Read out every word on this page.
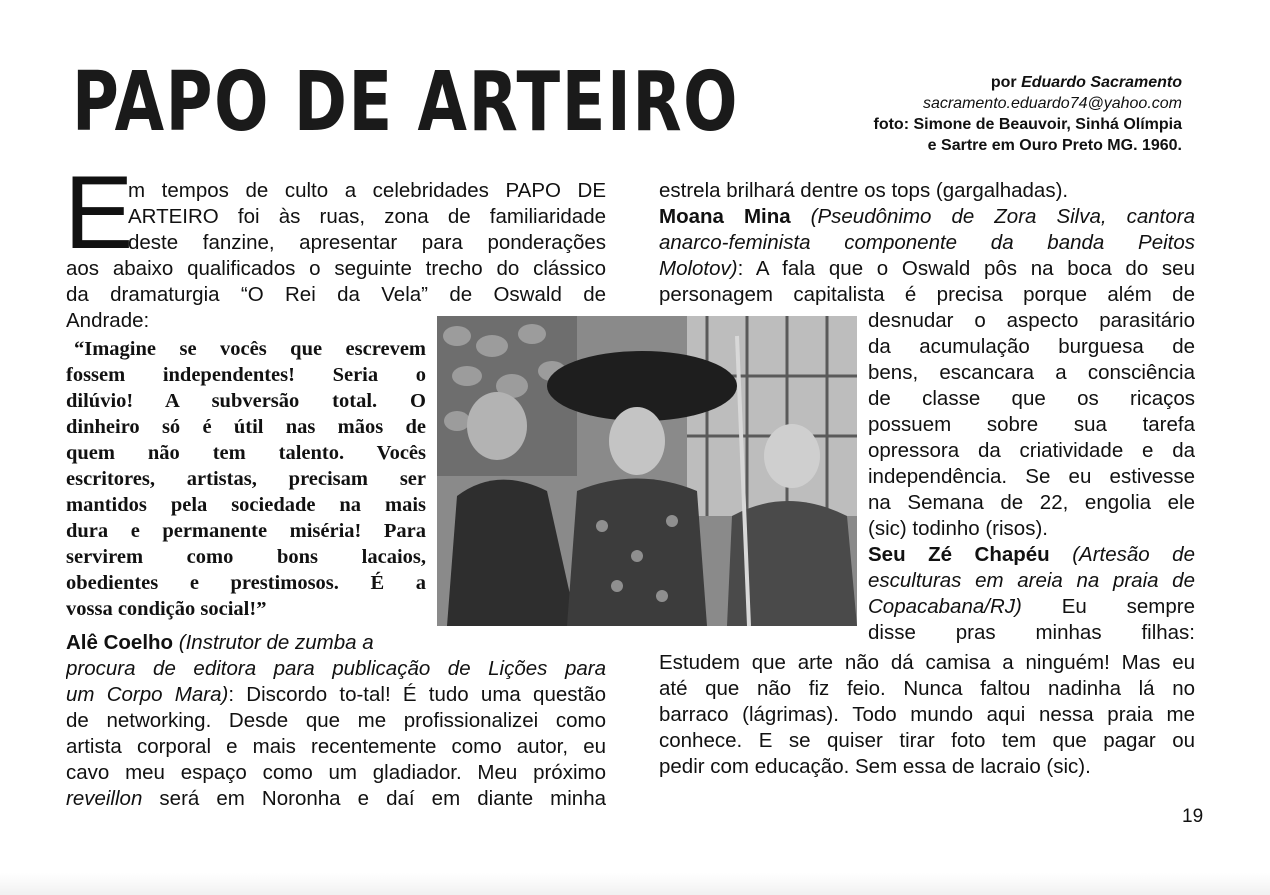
PAPO DE ARTEIRO	por Eduardo Sacramento
sacramento.eduardo74@yahoo.com
foto: Simone de Beauvoir, Sinhá Olímpia
e Sartre em Ouro Preto MG. 1960.
E
m tempos de culto a celebridades PAPO DE
ARTEIRO foi às ruas, zona de familiaridade
deste fanzine, apresentar para ponderações
aos abaixo qualificados o seguinte trecho do clássico
da dramaturgia “O Rei da Vela” de Oswald de
Andrade:
“Imagine se vocês que escrevem
fossem independentes! Seria o
dilúvio! A subversão total. O
dinheiro só é útil nas mãos de
quem não tem talento. Vocês
escritores, artistas, precisam ser
mantidos pela sociedade na mais
dura e permanente miséria! Para
servirem como bons lacaios,
obedientes e prestimosos. É a
vossa condição social!”
Alê Coelho (Instrutor de zumba a
procura de editora para publicação de Lições para
um Corpo Mara): Discordo to-tal! É tudo uma questão
de networking. Desde que me profissionalizei como
artista corporal e mais recentemente como autor, eu
cavo meu espaço como um gladiador. Meu próximo
reveillon será em Noronha e daí em diante minha
estrela brilhará dentre os tops (gargalhadas).
Moana Mina (Pseudônimo de Zora Silva, cantora
anarco-feminista componente da banda Peitos
Molotov): A fala que o Oswald pôs na boca do seu
personagem capitalista é precisa porque além de
desnudar o aspecto parasitário
da acumulação burguesa de
bens, escancara a consciência
de classe que os ricaços
possuem sobre sua tarefa
opressora da criatividade e da
independência. Se eu estivesse
na Semana de 22, engolia ele
(sic) todinho (risos).
Seu Zé Chapéu (Artesão de
esculturas em areia na praia de
Copacabana/RJ) Eu sempre
disse pras minhas filhas:
Estudem que arte não dá camisa a ninguém! Mas eu
até que não fiz feio. Nunca faltou nadinha lá no
barraco (lágrimas). Todo mundo aqui nessa praia me
conhece. E se quiser tirar foto tem que pagar ou
pedir com educação. Sem essa de lacraio (sic).
19
